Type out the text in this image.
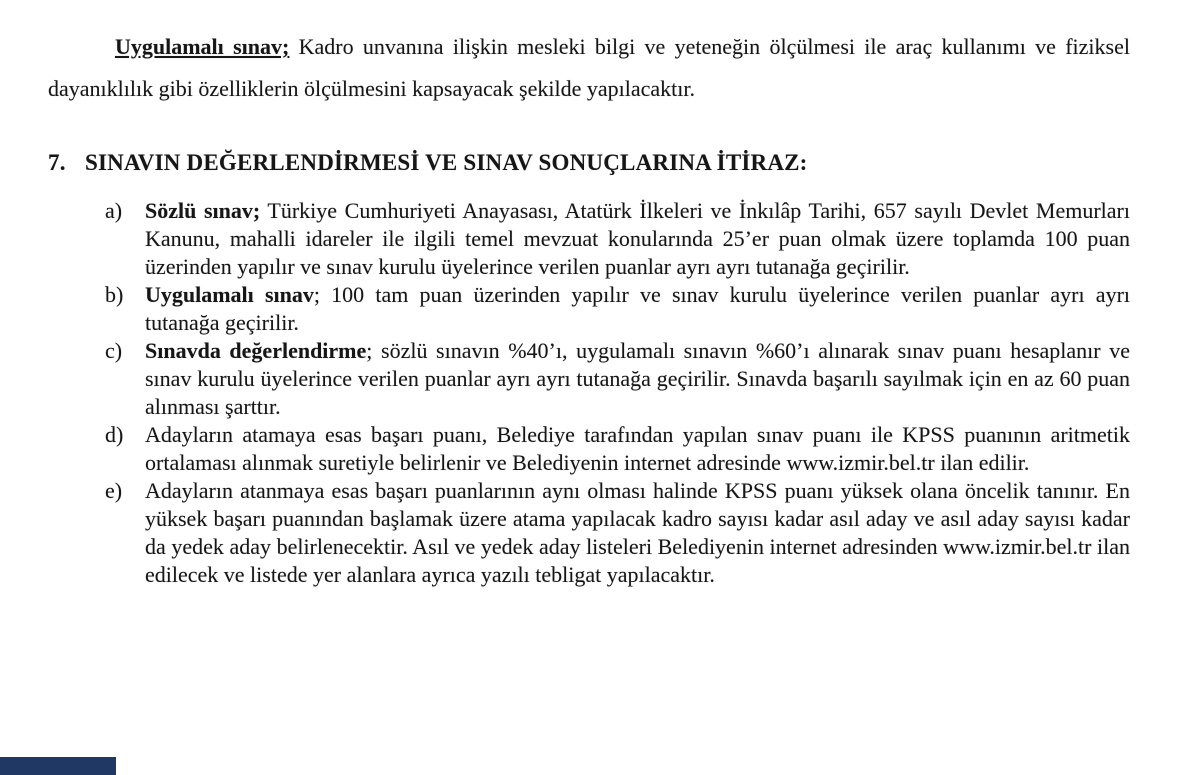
Uygulamalı sınav; Kadro unvanına ilişkin mesleki bilgi ve yeteneğin ölçülmesi ile araç kullanımı ve fiziksel dayanıklılık gibi özelliklerin ölçülmesini kapsayacak şekilde yapılacaktır.

7. SINAVIN DEĞERLENDİRMESİ VE SINAV SONUÇLARINA İTİRAZ:
a)	Sözlü sınav; Türkiye Cumhuriyeti Anayasası, Atatürk İlkeleri ve İnkılâp Tarihi, 657 sayılı Devlet Memurları Kanunu, mahalli idareler ile ilgili temel mevzuat konularında 25’er puan olmak üzere toplamda 100 puan üzerinden yapılır ve sınav kurulu üyelerince verilen puanlar ayrı ayrı tutanağa geçirilir.
b) Uygulamalı sınav; 100 tam puan üzerinden yapılır ve sınav kurulu üyelerince verilen puanlar ayrı ayrı tutanağa geçirilir.
c)	Sınavda değerlendirme; sözlü sınavın %40’ı, uygulamalı sınavın %60’ı alınarak sınav puanı hesaplanır ve sınav kurulu üyelerince verilen puanlar ayrı ayrı tutanağa geçirilir. Sınavda başarılı sayılmak için en az 60 puan alınması şarttır.
d) Adayların atamaya esas başarı puanı, Belediye tarafından yapılan sınav puanı ile KPSS puanının aritmetik ortalaması alınmak suretiyle belirlenir ve Belediyenin internet adresinde www.izmir.bel.tr ilan edilir.
e)	Adayların atanmaya esas başarı puanlarının aynı olması halinde KPSS puanı yüksek olana öncelik tanınır. En yüksek başarı puanından başlamak üzere atama yapılacak kadro sayısı kadar asıl aday ve asıl aday sayısı kadar da yedek aday belirlenecektir. Asıl ve yedek aday listeleri Belediyenin internet adresinden www.izmir.bel.tr ilan edilecek ve listede yer alanlara ayrıca yazılı tebligat yapılacaktır.
